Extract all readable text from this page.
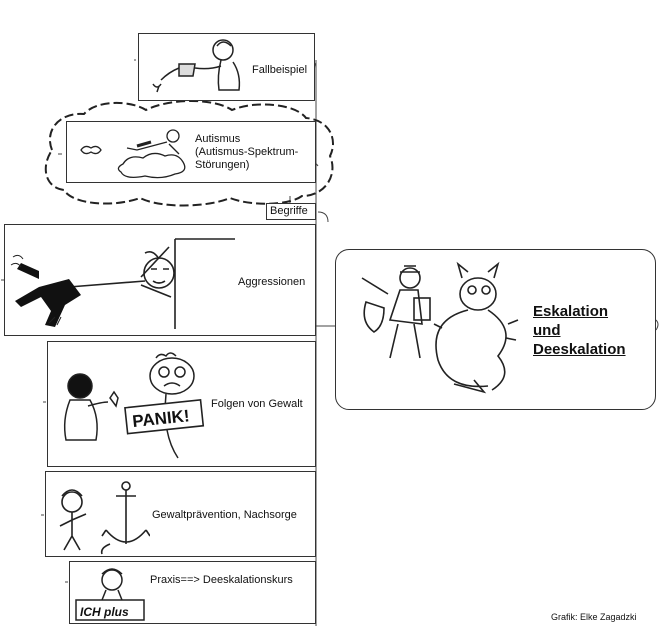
Fallbeispiel
Autismus
(Autismus-Spektrum-
Störungen)
Begriffe
Aggressionen
PANIK!
Folgen von Gewalt
Gewaltprävention, Nachsorge
ICH plus
Praxis==> Deeskalationskurs
Eskalation
und
Deeskalation
Grafik: Elke Zagadzki
